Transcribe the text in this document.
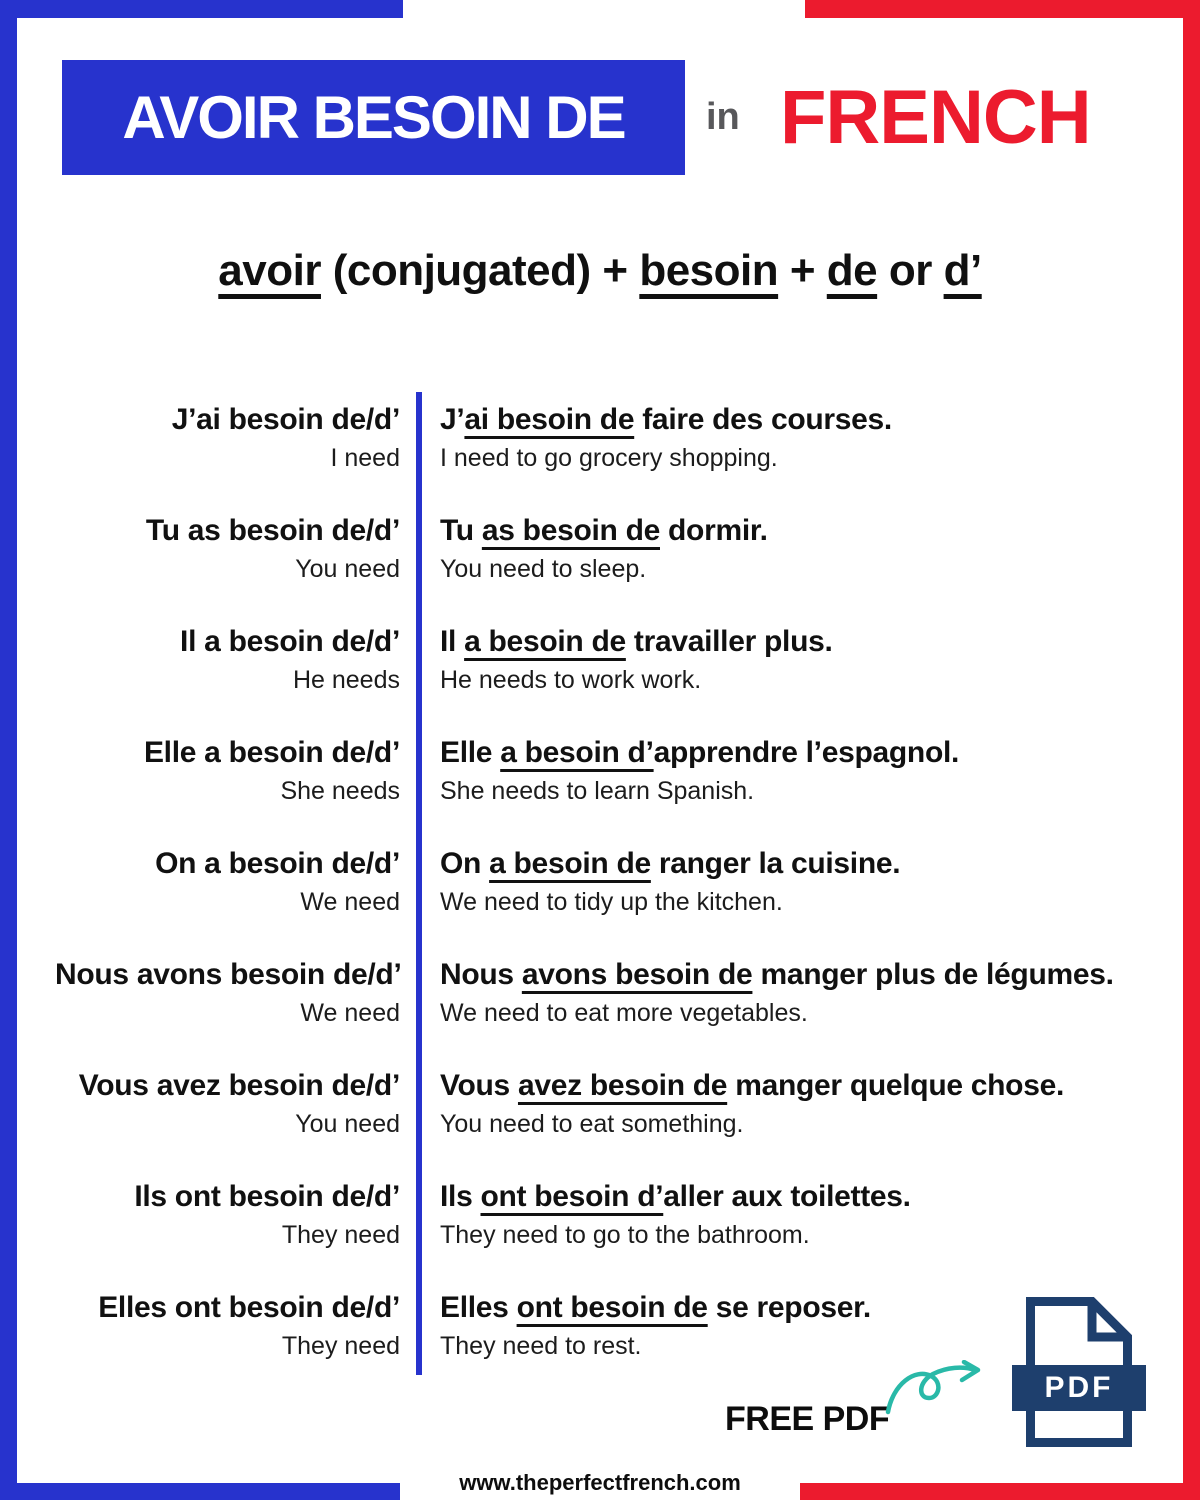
AVOIR BESOIN DE in FRENCH
avoir (conjugated) + besoin + de or d’
J’ai besoin de/d’
I need
J’ai besoin de faire des courses.
I need to go grocery shopping.
Tu as besoin de/d’
You need
Tu as besoin de dormir.
You need to sleep.
Il a besoin de/d’
He needs
Il a besoin de travailler plus.
He needs to work work.
Elle a besoin de/d’
She needs
Elle a besoin d’apprendre l’espagnol.
She needs to learn Spanish.
On a besoin de/d’
We need
On a besoin de ranger la cuisine.
We need to tidy up the kitchen.
Nous avons besoin de/d’
We need
Nous avons besoin de manger plus de légumes.
We need to eat more vegetables.
Vous avez besoin de/d’
You need
Vous avez besoin de manger quelque chose.
You need to eat something.
Ils ont besoin de/d’
They need
Ils ont besoin d’aller aux toilettes.
They need to go to the bathroom.
Elles ont besoin de/d’
They need
Elles ont besoin de se reposer.
They need to rest.
FREE PDF
PDF
www.theperfectfrench.com
